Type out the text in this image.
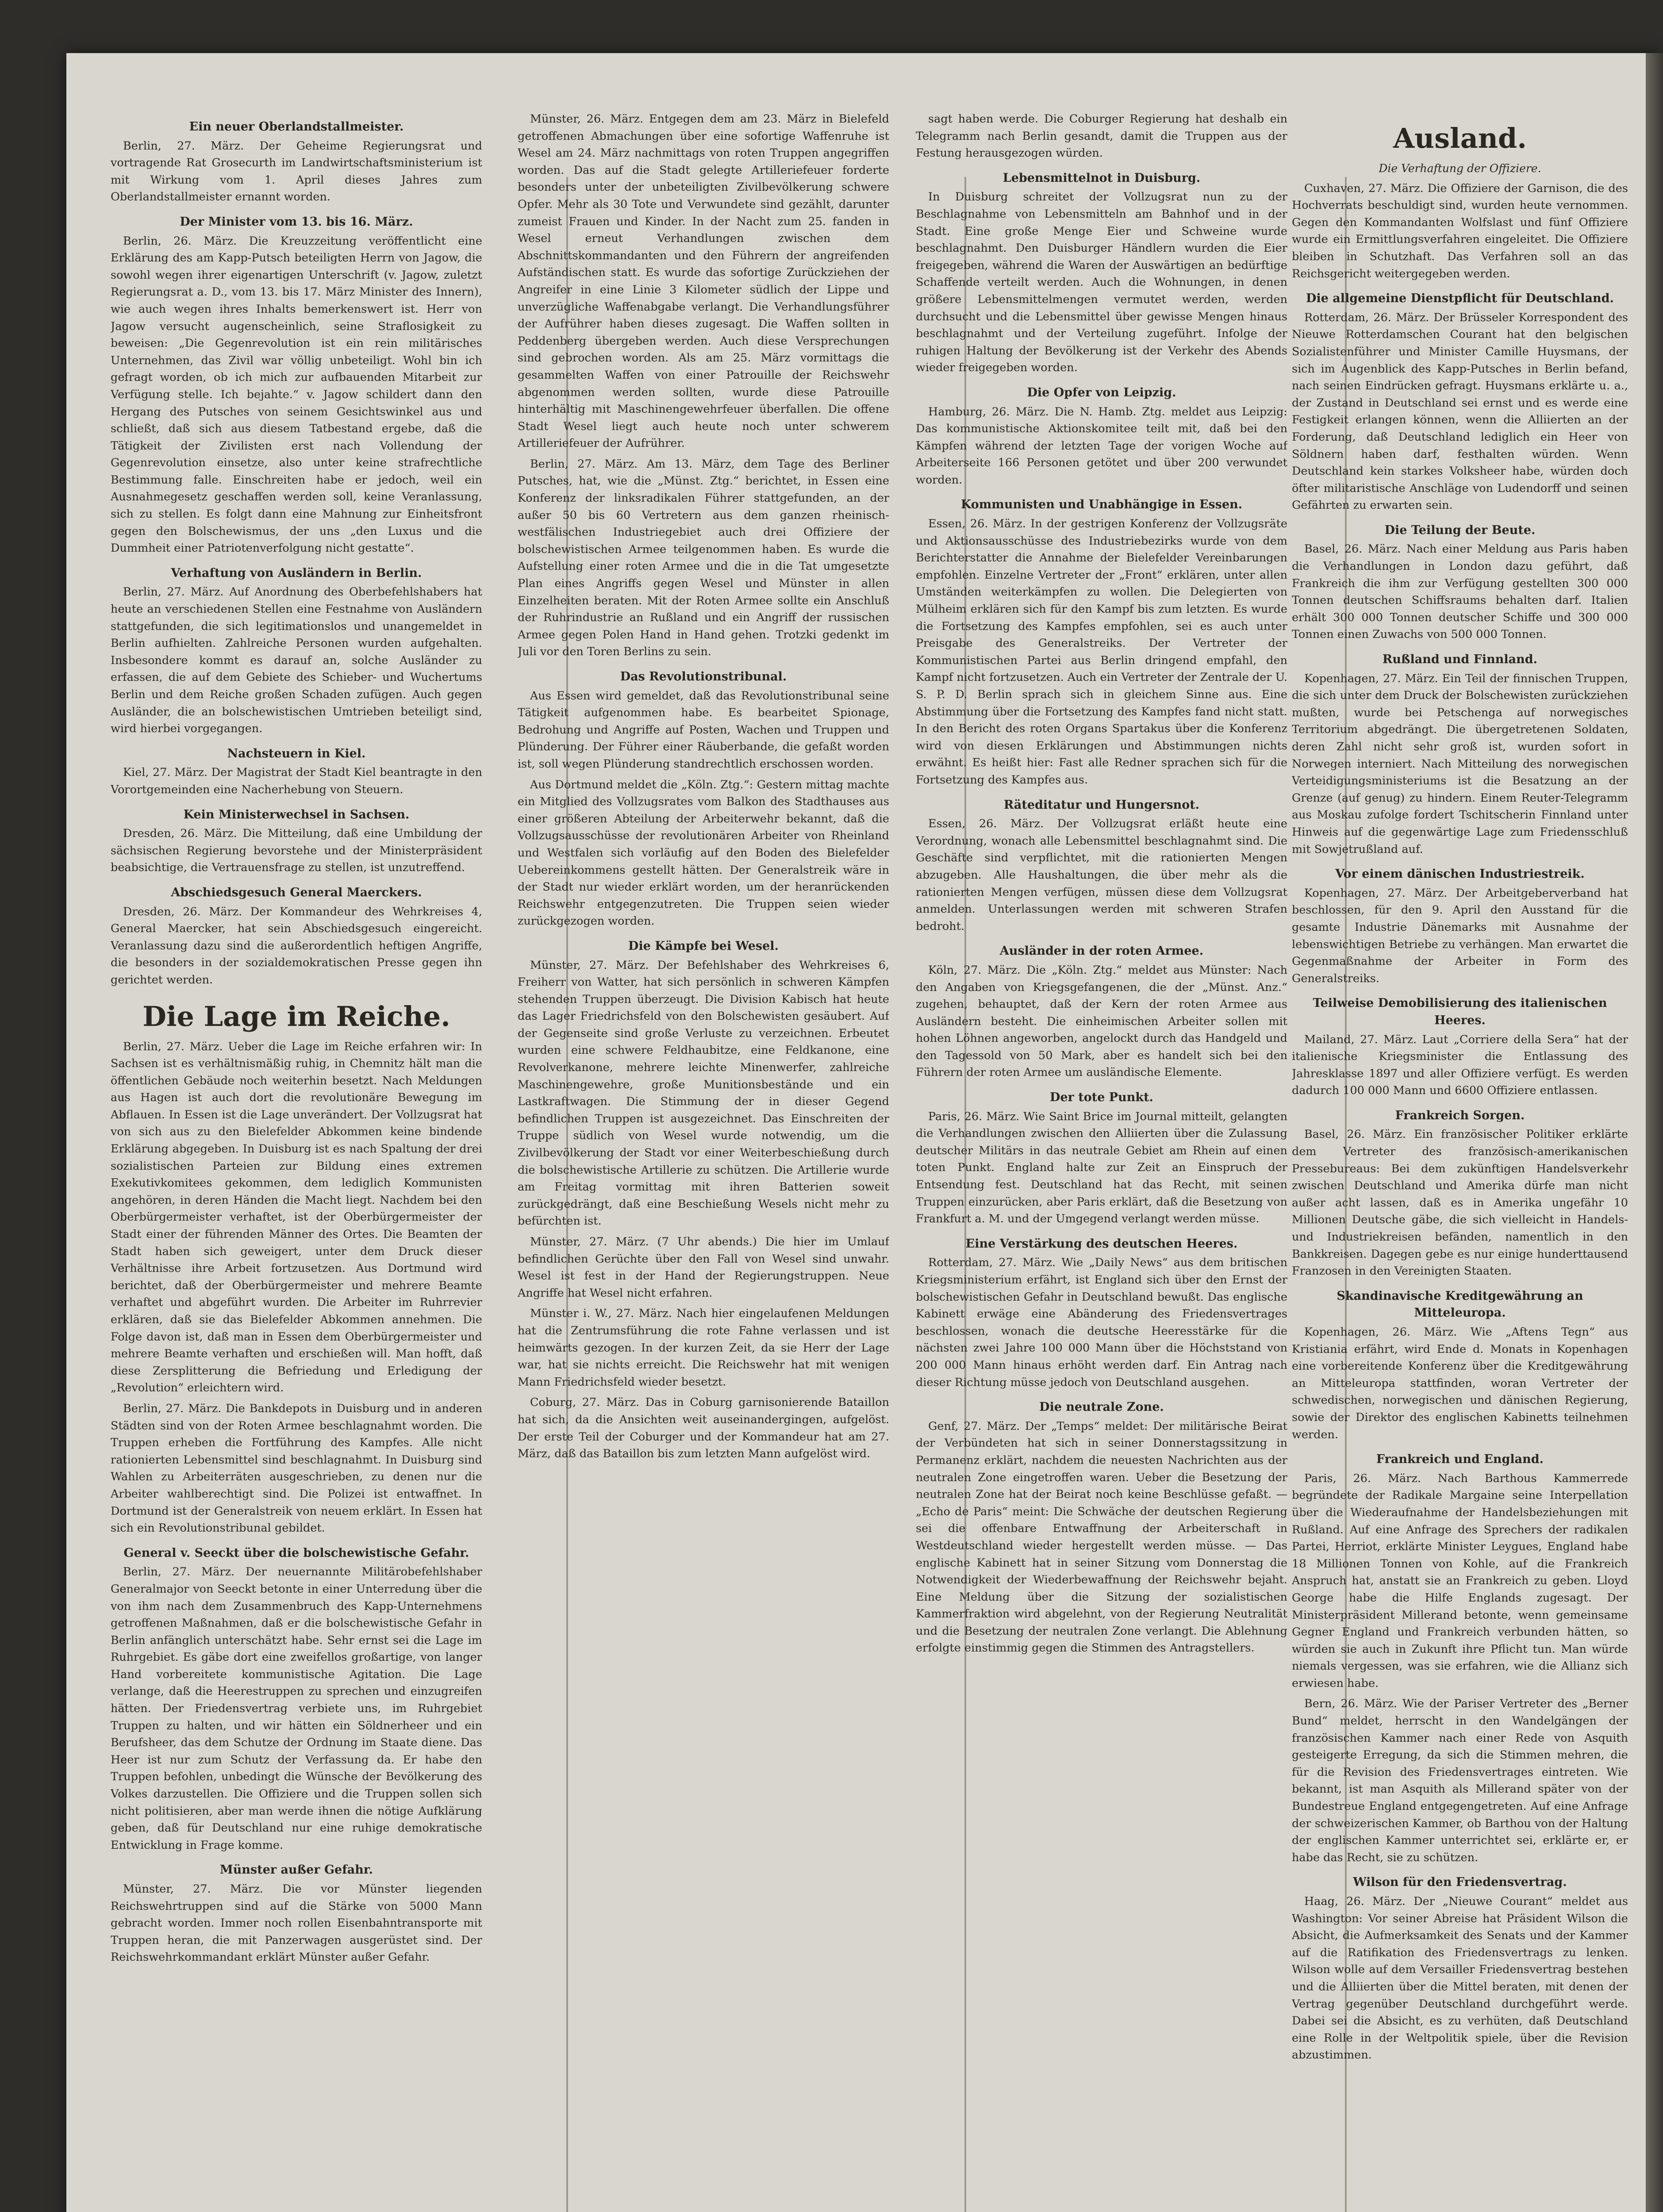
Ein neuer Oberlandstallmeister.
Berlin, 27. März. Der Geheime Regierungsrat und vortragende Rat Grosecurth im Landwirtschaftsministerium ist mit Wirkung vom 1. April dieses Jahres zum Oberlandstallmeister ernannt worden.
Der Minister vom 13. bis 16. März.
Berlin, 26. März. Die Kreuzzeitung veröffentlicht eine Erklärung des am Kapp-Putsch beteiligten Herrn von Jagow, die sowohl wegen ihrer eigenartigen Unterschrift (v. Jagow, zuletzt Regierungsrat a. D., vom 13. bis 17. März Minister des Innern), wie auch wegen ihres Inhalts bemerkenswert ist. Herr von Jagow versucht augenscheinlich, seine Straflosigkeit zu beweisen: „Die Gegenrevolution ist ein rein militärisches Unternehmen, das Zivil war völlig unbeteiligt. Wohl bin ich gefragt worden, ob ich mich zur aufbauenden Mitarbeit zur Verfügung stelle. Ich bejahte.“ v. Jagow schildert dann den Hergang des Putsches von seinem Gesichtswinkel aus und schließt, daß sich aus diesem Tatbestand ergebe, daß die Tätigkeit der Zivilisten erst nach Vollendung der Gegenrevolution einsetze, also unter keine strafrechtliche Bestimmung falle. Einschreiten habe er jedoch, weil ein Ausnahmegesetz geschaffen werden soll, keine Veranlassung, sich zu stellen. Es folgt dann eine Mahnung zur Einheitsfront gegen den Bolschewismus, der uns „den Luxus und die Dummheit einer Patriotenverfolgung nicht gestatte“.
Verhaftung von Ausländern in Berlin.
Berlin, 27. März. Auf Anordnung des Oberbefehlshabers hat heute an verschiedenen Stellen eine Festnahme von Ausländern stattgefunden, die sich legitimationslos und unangemeldet in Berlin aufhielten. Zahlreiche Personen wurden aufgehalten. Insbesondere kommt es darauf an, solche Ausländer zu erfassen, die auf dem Gebiete des Schieber- und Wuchertums Berlin und dem Reiche großen Schaden zufügen. Auch gegen Ausländer, die an bolschewistischen Umtrieben beteiligt sind, wird hierbei vorgegangen.
Nachsteuern in Kiel.
Kiel, 27. März. Der Magistrat der Stadt Kiel beantragte in den Vorortgemeinden eine Nacherhebung von Steuern.
Kein Ministerwechsel in Sachsen.
Dresden, 26. März. Die Mitteilung, daß eine Umbildung der sächsischen Regierung bevorstehe und der Ministerpräsident beabsichtige, die Vertrauensfrage zu stellen, ist unzutreffend.
Abschiedsgesuch General Maerckers.
Dresden, 26. März. Der Kommandeur des Wehrkreises 4, General Maercker, hat sein Abschiedsgesuch eingereicht. Veranlassung dazu sind die außerordentlich heftigen Angriffe, die besonders in der sozialdemokratischen Presse gegen ihn gerichtet werden.
Die Lage im Reiche.
Berlin, 27. März. Ueber die Lage im Reiche erfahren wir: In Sachsen ist es verhältnismäßig ruhig, in Chemnitz hält man die öffentlichen Gebäude noch weiterhin besetzt. Nach Meldungen aus Hagen ist auch dort die revolutionäre Bewegung im Abflauen. In Essen ist die Lage unverändert. Der Vollzugsrat hat von sich aus zu den Bielefelder Abkommen keine bindende Erklärung abgegeben. In Duisburg ist es nach Spaltung der drei sozialistischen Parteien zur Bildung eines extremen Exekutivkomitees gekommen, dem lediglich Kommunisten angehören, in deren Händen die Macht liegt. Nachdem bei den Oberbürgermeister verhaftet, ist der Oberbürgermeister der Stadt einer der führenden Männer des Ortes. Die Beamten der Stadt haben sich geweigert, unter dem Druck dieser Verhältnisse ihre Arbeit fortzusetzen. Aus Dortmund wird berichtet, daß der Oberbürgermeister und mehrere Beamte verhaftet und abgeführt wurden. Die Arbeiter im Ruhrrevier erklären, daß sie das Bielefelder Abkommen annehmen. Die Folge davon ist, daß man in Essen dem Oberbürgermeister und mehrere Beamte verhaften und erschießen will. Man hofft, daß diese Zersplitterung die Befriedung und Erledigung der „Revolution“ erleichtern wird.
Berlin, 27. März. Die Bankdepots in Duisburg und in anderen Städten sind von der Roten Armee beschlagnahmt worden. Die Truppen erheben die Fortführung des Kampfes. Alle nicht rationierten Lebensmittel sind beschlagnahmt. In Duisburg sind Wahlen zu Arbeiterräten ausgeschrieben, zu denen nur die Arbeiter wahlberechtigt sind. Die Polizei ist entwaffnet. In Dortmund ist der Generalstreik von neuem erklärt. In Essen hat sich ein Revolutionstribunal gebildet.
General v. Seeckt über die bolschewistische Gefahr.
Berlin, 27. März. Der neuernannte Militärobefehlshaber Generalmajor von Seeckt betonte in einer Unterredung über die von ihm nach dem Zusammenbruch des Kapp-Unternehmens getroffenen Maßnahmen, daß er die bolschewistische Gefahr in Berlin anfänglich unterschätzt habe. Sehr ernst sei die Lage im Ruhrgebiet. Es gäbe dort eine zweifellos großartige, von langer Hand vorbereitete kommunistische Agitation. Die Lage verlange, daß die Heerestruppen zu sprechen und einzugreifen hätten. Der Friedensvertrag verbiete uns, im Ruhrgebiet Truppen zu halten, und wir hätten ein Söldnerheer und ein Berufsheer, das dem Schutze der Ordnung im Staate diene. Das Heer ist nur zum Schutz der Verfassung da. Er habe den Truppen befohlen, unbedingt die Wünsche der Bevölkerung des Volkes darzustellen. Die Offiziere und die Truppen sollen sich nicht politisieren, aber man werde ihnen die nötige Aufklärung geben, daß für Deutschland nur eine ruhige demokratische Entwicklung in Frage komme.
Münster außer Gefahr.
Münster, 27. März. Die vor Münster liegenden Reichswehrtruppen sind auf die Stärke von 5000 Mann gebracht worden. Immer noch rollen Eisenbahntransporte mit Truppen heran, die mit Panzerwagen ausgerüstet sind. Der Reichswehrkommandant erklärt Münster außer Gefahr.
Münster, 26. März. Entgegen dem am 23. März in Bielefeld getroffenen Abmachungen über eine sofortige Waffenruhe ist Wesel am 24. März nachmittags von roten Truppen angegriffen worden. Das auf die Stadt gelegte Artilleriefeuer forderte besonders unter der unbeteiligten Zivilbevölkerung schwere Opfer. Mehr als 30 Tote und Verwundete sind gezählt, darunter zumeist Frauen und Kinder. In der Nacht zum 25. fanden in Wesel erneut Verhandlungen zwischen dem Abschnittskommandanten und den Führern der angreifenden Aufständischen statt. Es wurde das sofortige Zurückziehen der Angreifer in eine Linie 3 Kilometer südlich der Lippe und unverzügliche Waffenabgabe verlangt. Die Verhandlungsführer der Aufrührer haben dieses zugesagt. Die Waffen sollten in Peddenberg übergeben werden. Auch diese Versprechungen sind gebrochen worden. Als am 25. März vormittags die gesammelten Waffen von einer Patrouille der Reichswehr abgenommen werden sollten, wurde diese Patrouille hinterhältig mit Maschinengewehrfeuer überfallen. Die offene Stadt Wesel liegt auch heute noch unter schwerem Artilleriefeuer der Aufrührer.
Berlin, 27. März. Am 13. März, dem Tage des Berliner Putsches, hat, wie die „Münst. Ztg.“ berichtet, in Essen eine Konferenz der linksradikalen Führer stattgefunden, an der außer 50 bis 60 Vertretern aus dem ganzen rheinisch-westfälischen Industriegebiet auch drei Offiziere der bolschewistischen Armee teilgenommen haben. Es wurde die Aufstellung einer roten Armee und die in die Tat umgesetzte Plan eines Angriffs gegen Wesel und Münster in allen Einzelheiten beraten. Mit der Roten Armee sollte ein Anschluß der Ruhrindustrie an Rußland und ein Angriff der russischen Armee gegen Polen Hand in Hand gehen. Trotzki gedenkt im Juli vor den Toren Berlins zu sein.
Das Revolutionstribunal.
Aus Essen wird gemeldet, daß das Revolutionstribunal seine Tätigkeit aufgenommen habe. Es bearbeitet Spionage, Bedrohung und Angriffe auf Posten, Wachen und Truppen und Plünderung. Der Führer einer Räuberbande, die gefaßt worden ist, soll wegen Plünderung standrechtlich erschossen worden.
Aus Dortmund meldet die „Köln. Ztg.“: Gestern mittag machte ein Mitglied des Vollzugsrates vom Balkon des Stadthauses aus einer größeren Abteilung der Arbeiterwehr bekannt, daß die Vollzugsausschüsse der revolutionären Arbeiter von Rheinland und Westfalen sich vorläufig auf den Boden des Bielefelder Uebereinkommens gestellt hätten. Der Generalstreik wäre in der Stadt nur wieder erklärt worden, um der heranrückenden Reichswehr entgegenzutreten. Die Truppen seien wieder zurückgezogen worden.
Die Kämpfe bei Wesel.
Münster, 27. März. Der Befehlshaber des Wehrkreises 6, Freiherr von Watter, hat sich persönlich in schweren Kämpfen stehenden Truppen überzeugt. Die Division Kabisch hat heute das Lager Friedrichsfeld von den Bolschewisten gesäubert. Auf der Gegenseite sind große Verluste zu verzeichnen. Erbeutet wurden eine schwere Feldhaubitze, eine Feldkanone, eine Revolverkanone, mehrere leichte Minenwerfer, zahlreiche Maschinengewehre, große Munitionsbestände und ein Lastkraftwagen. Die Stimmung der in dieser Gegend befindlichen Truppen ist ausgezeichnet. Das Einschreiten der Truppe südlich von Wesel wurde notwendig, um die Zivilbevölkerung der Stadt vor einer Weiterbeschießung durch die bolschewistische Artillerie zu schützen. Die Artillerie wurde am Freitag vormittag mit ihren Batterien soweit zurückgedrängt, daß eine Beschießung Wesels nicht mehr zu befürchten ist.
Münster, 27. März. (7 Uhr abends.) Die hier im Umlauf befindlichen Gerüchte über den Fall von Wesel sind unwahr. Wesel ist fest in der Hand der Regierungstruppen. Neue Angriffe hat Wesel nicht erfahren.
Münster i. W., 27. März. Nach hier eingelaufenen Meldungen hat die Zentrumsführung die rote Fahne verlassen und ist heimwärts gezogen. In der kurzen Zeit, da sie Herr der Lage war, hat sie nichts erreicht. Die Reichswehr hat mit wenigen Mann Friedrichsfeld wieder besetzt.
Coburg, 27. März. Das in Coburg garnisonierende Bataillon hat sich, da die Ansichten weit auseinandergingen, aufgelöst. Der erste Teil der Coburger und der Kommandeur hat am 27. März, daß das Bataillon bis zum letzten Mann aufgelöst wird.
sagt haben werde. Die Coburger Regierung hat deshalb ein Telegramm nach Berlin gesandt, damit die Truppen aus der Festung herausgezogen würden.
Lebensmittelnot in Duisburg.
In Duisburg schreitet der Vollzugsrat nun zu der Beschlagnahme von Lebensmitteln am Bahnhof und in der Stadt. Eine große Menge Eier und Schweine wurde beschlagnahmt. Den Duisburger Händlern wurden die Eier freigegeben, während die Waren der Auswärtigen an bedürftige Schaffende verteilt werden. Auch die Wohnungen, in denen größere Lebensmittelmengen vermutet werden, werden durchsucht und die Lebensmittel über gewisse Mengen hinaus beschlagnahmt und der Verteilung zugeführt. Infolge der ruhigen Haltung der Bevölkerung ist der Verkehr des Abends wieder freigegeben worden.
Die Opfer von Leipzig.
Hamburg, 26. März. Die N. Hamb. Ztg. meldet aus Leipzig: Das kommunistische Aktionskomitee teilt mit, daß bei den Kämpfen während der letzten Tage der vorigen Woche auf Arbeiterseite 166 Personen getötet und über 200 verwundet worden.
Kommunisten und Unabhängige in Essen.
Essen, 26. März. In der gestrigen Konferenz der Vollzugsräte und Aktionsausschüsse des Industriebezirks wurde von dem Berichterstatter die Annahme der Bielefelder Vereinbarungen empfohlen. Einzelne Vertreter der „Front“ erklären, unter allen Umständen weiterkämpfen zu wollen. Die Delegierten von Mülheim erklären sich für den Kampf bis zum letzten. Es wurde die Fortsetzung des Kampfes empfohlen, sei es auch unter Preisgabe des Generalstreiks. Der Vertreter der Kommunistischen Partei aus Berlin dringend empfahl, den Kampf nicht fortzusetzen. Auch ein Vertreter der Zentrale der U. S. P. D. Berlin sprach sich in gleichem Sinne aus. Eine Abstimmung über die Fortsetzung des Kampfes fand nicht statt. In den Bericht des roten Organs Spartakus über die Konferenz wird von diesen Erklärungen und Abstimmungen nichts erwähnt. Es heißt hier: Fast alle Redner sprachen sich für die Fortsetzung des Kampfes aus.
Räteditatur und Hungersnot.
Essen, 26. März. Der Vollzugsrat erläßt heute eine Verordnung, wonach alle Lebensmittel beschlagnahmt sind. Die Geschäfte sind verpflichtet, mit die rationierten Mengen abzugeben. Alle Haushaltungen, die über mehr als die rationierten Mengen verfügen, müssen diese dem Vollzugsrat anmelden. Unterlassungen werden mit schweren Strafen bedroht.
Ausländer in der roten Armee.
Köln, 27. März. Die „Köln. Ztg.“ meldet aus Münster: Nach den Angaben von Kriegsgefangenen, die der „Münst. Anz.“ zugehen, behauptet, daß der Kern der roten Armee aus Ausländern besteht. Die einheimischen Arbeiter sollen mit hohen Löhnen angeworben, angelockt durch das Handgeld und den Tagessold von 50 Mark, aber es handelt sich bei den Führern der roten Armee um ausländische Elemente.
Der tote Punkt.
Paris, 26. März. Wie Saint Brice im Journal mitteilt, gelangten die Verhandlungen zwischen den Alliierten über die Zulassung deutscher Militärs in das neutrale Gebiet am Rhein auf einen toten Punkt. England halte zur Zeit an Einspruch der Entsendung fest. Deutschland hat das Recht, mit seinen Truppen einzurücken, aber Paris erklärt, daß die Besetzung von Frankfurt a. M. und der Umgegend verlangt werden müsse.
Eine Verstärkung des deutschen Heeres.
Rotterdam, 27. März. Wie „Daily News“ aus dem britischen Kriegsministerium erfährt, ist England sich über den Ernst der bolschewistischen Gefahr in Deutschland bewußt. Das englische Kabinett erwäge eine Abänderung des Friedensvertrages beschlossen, wonach die deutsche Heeresstärke für die nächsten zwei Jahre 100 000 Mann über die Höchststand von 200 000 Mann hinaus erhöht werden darf. Ein Antrag nach dieser Richtung müsse jedoch von Deutschland ausgehen.
Die neutrale Zone.
Genf, 27. März. Der „Temps“ meldet: Der militärische Beirat der Verbündeten hat sich in seiner Donnerstagssitzung in Permanenz erklärt, nachdem die neuesten Nachrichten aus der neutralen Zone eingetroffen waren. Ueber die Besetzung der neutralen Zone hat der Beirat noch keine Beschlüsse gefaßt. — „Echo de Paris“ meint: Die Schwäche der deutschen Regierung sei die offenbare Entwaffnung der Arbeiterschaft in Westdeutschland wieder hergestellt werden müsse. — Das englische Kabinett hat in seiner Sitzung vom Donnerstag die Notwendigkeit der Wiederbewaffnung der Reichswehr bejaht. Eine Meldung über die Sitzung der sozialistischen Kammerfraktion wird abgelehnt, von der Regierung Neutralität und die Besetzung der neutralen Zone verlangt. Die Ablehnung erfolgte einstimmig gegen die Stimmen des Antragstellers.
Ausland.
Die Verhaftung der Offiziere.
Cuxhaven, 27. März. Die Offiziere der Garnison, die des Hochverrats beschuldigt sind, wurden heute vernommen. Gegen den Kommandanten Wolfslast und fünf Offiziere wurde ein Ermittlungsverfahren eingeleitet. Die Offiziere bleiben in Schutzhaft. Das Verfahren soll an das Reichsgericht weitergegeben werden.
Die allgemeine Dienstpflicht für Deutschland.
Rotterdam, 26. März. Der Brüsseler Korrespondent des Nieuwe Rotterdamschen Courant hat den belgischen Sozialistenführer und Minister Camille Huysmans, der sich im Augenblick des Kapp-Putsches in Berlin befand, nach seinen Eindrücken gefragt. Huysmans erklärte u. a., der Zustand in Deutschland sei ernst und es werde eine Festigkeit erlangen können, wenn die Alliierten an der Forderung, daß Deutschland lediglich ein Heer von Söldnern haben darf, festhalten würden. Wenn Deutschland kein starkes Volksheer habe, würden doch öfter militaristische Anschläge von Ludendorff und seinen Gefährten zu erwarten sein.
Die Teilung der Beute.
Basel, 26. März. Nach einer Meldung aus Paris haben die Verhandlungen in London dazu geführt, daß Frankreich die ihm zur Verfügung gestellten 300 000 Tonnen deutschen Schiffsraums behalten darf. Italien erhält 300 000 Tonnen deutscher Schiffe und 300 000 Tonnen einen Zuwachs von 500 000 Tonnen.
Rußland und Finnland.
Kopenhagen, 27. März. Ein Teil der finnischen Truppen, die sich unter dem Druck der Bolschewisten zurückziehen mußten, wurde bei Petschenga auf norwegisches Territorium abgedrängt. Die übergetretenen Soldaten, deren Zahl nicht sehr groß ist, wurden sofort in Norwegen interniert. Nach Mitteilung des norwegischen Verteidigungsministeriums ist die Besatzung an der Grenze (auf genug) zu hindern. Einem Reuter-Telegramm aus Moskau zufolge fordert Tschitscherin Finnland unter Hinweis auf die gegenwärtige Lage zum Friedensschluß mit Sowjetrußland auf.
Vor einem dänischen Industriestreik.
Kopenhagen, 27. März. Der Arbeitgeberverband hat beschlossen, für den 9. April den Ausstand für die gesamte Industrie Dänemarks mit Ausnahme der lebenswichtigen Betriebe zu verhängen. Man erwartet die Gegenmaßnahme der Arbeiter in Form des Generalstreiks.
Teilweise Demobilisierung des italienischen Heeres.
Mailand, 27. März. Laut „Corriere della Sera“ hat der italienische Kriegsminister die Entlassung des Jahresklasse 1897 und aller Offiziere verfügt. Es werden dadurch 100 000 Mann und 6600 Offiziere entlassen.
Frankreich Sorgen.
Basel, 26. März. Ein französischer Politiker erklärte dem Vertreter des französisch-amerikanischen Pressebureaus: Bei dem zukünftigen Handelsverkehr zwischen Deutschland und Amerika dürfe man nicht außer acht lassen, daß es in Amerika ungefähr 10 Millionen Deutsche gäbe, die sich vielleicht in Handels- und Industriekreisen befänden, namentlich in den Bankkreisen. Dagegen gebe es nur einige hunderttausend Franzosen in den Vereinigten Staaten.
Skandinavische Kreditgewährung an Mitteleuropa.
Kopenhagen, 26. März. Wie „Aftens Tegn“ aus Kristiania erfährt, wird Ende d. Monats in Kopenhagen eine vorbereitende Konferenz über die Kreditgewährung an Mitteleuropa stattfinden, woran Vertreter der schwedischen, norwegischen und dänischen Regierung, sowie der Direktor des englischen Kabinetts teilnehmen werden.
Frankreich und England.
Paris, 26. März. Nach Barthous Kammerrede begründete der Radikale Margaine seine Interpellation über die Wiederaufnahme der Handelsbeziehungen mit Rußland. Auf eine Anfrage des Sprechers der radikalen Partei, Herriot, erklärte Minister Leygues, England habe 18 Millionen Tonnen von Kohle, auf die Frankreich Anspruch hat, anstatt sie an Frankreich zu geben. Lloyd George habe die Hilfe Englands zugesagt. Der Ministerpräsident Millerand betonte, wenn gemeinsame Gegner England und Frankreich verbunden hätten, so würden sie auch in Zukunft ihre Pflicht tun. Man würde niemals vergessen, was sie erfahren, wie die Allianz sich erwiesen habe.
Bern, 26. März. Wie der Pariser Vertreter des „Berner Bund“ meldet, herrscht in den Wandelgängen der französischen Kammer nach einer Rede von Asquith gesteigerte Erregung, da sich die Stimmen mehren, die für die Revision des Friedensvertrages eintreten. Wie bekannt, ist man Asquith als Millerand später von der Bundestreue England entgegengetreten. Auf eine Anfrage der schweizerischen Kammer, ob Barthou von der Haltung der englischen Kammer unterrichtet sei, erklärte er, er habe das Recht, sie zu schützen.
Wilson für den Friedensvertrag.
Haag, 26. März. Der „Nieuwe Courant“ meldet aus Washington: Vor seiner Abreise hat Präsident Wilson die Absicht, die Aufmerksamkeit des Senats und der Kammer auf die Ratifikation des Friedensvertrags zu lenken. Wilson wolle auf dem Versailler Friedensvertrag bestehen und die Alliierten über die Mittel beraten, mit denen der Vertrag gegenüber Deutschland durchgeführt werde. Dabei sei die Absicht, es zu verhüten, daß Deutschland eine Rolle in der Weltpolitik spiele, über die Revision abzustimmen.
